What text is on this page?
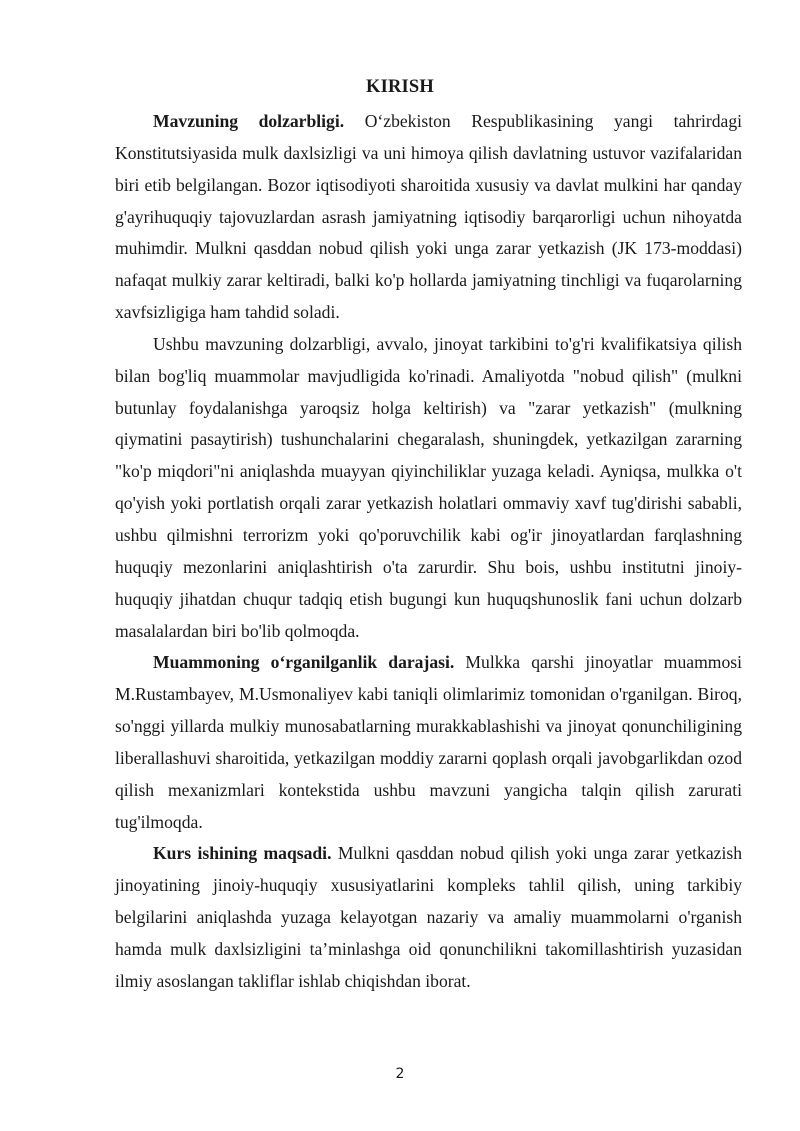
KIRISH

Mavzuning dolzarbligi. O‘zbekiston Respublikasining yangi tahrirdagi Konstitutsiyasida mulk daxlsizligi va uni himoya qilish davlatning ustuvor vazifalaridan biri etib belgilangan. Bozor iqtisodiyoti sharoitida xususiy va davlat mulkini har qanday g'ayrihuquqiy tajovuzlardan asrash jamiyatning iqtisodiy barqarorligi uchun nihoyatda muhimdir. Mulkni qasddan nobud qilish yoki unga zarar yetkazish (JK 173-moddasi) nafaqat mulkiy zarar keltiradi, balki ko'p hollarda jamiyatning tinchligi va fuqarolarning xavfsizligiga ham tahdid soladi.

Ushbu mavzuning dolzarbligi, avvalo, jinoyat tarkibini to'g'ri kvalifikatsiya qilish bilan bog'liq muammolar mavjudligida ko'rinadi. Amaliyotda "nobud qilish" (mulkni butunlay foydalanishga yaroqsiz holga keltirish) va "zarar yetkazish" (mulkning qiymatini pasaytirish) tushunchalarini chegaralash, shuningdek, yetkazilgan zararning "ko'p miqdori"ni aniqlashda muayyan qiyinchiliklar yuzaga keladi. Ayniqsa, mulkka o't qo'yish yoki portlatish orqali zarar yetkazish holatlari ommaviy xavf tug'dirishi sababli, ushbu qilmishni terrorizm yoki qo'poruvchilik kabi og'ir jinoyatlardan farqlashning huquqiy mezonlarini aniqlashtirish o'ta zarurdir. Shu bois, ushbu institutni jinoiy-huquqiy jihatdan chuqur tadqiq etish bugungi kun huquqshunoslik fani uchun dolzarb masalalardan biri bo'lib qolmoqda.

Muammoning o‘rganilganlik darajasi. Mulkka qarshi jinoyatlar muammosi M.Rustambayev, M.Usmonaliyev kabi taniqli olimlarimiz tomonidan o'rganilgan. Biroq, so'nggi yillarda mulkiy munosabatlarning murakkablashishi va jinoyat qonunchiligining liberallashuvi sharoitida, yetkazilgan moddiy zararni qoplash orqali javobgarlikdan ozod qilish mexanizmlari kontekstida ushbu mavzuni yangicha talqin qilish zarurati tug'ilmoqda.

Kurs ishining maqsadi. Mulkni qasddan nobud qilish yoki unga zarar yetkazish jinoyatining jinoiy-huquqiy xususiyatlarini kompleks tahlil qilish, uning tarkibiy belgilarini aniqlashda yuzaga kelayotgan nazariy va amaliy muammolarni o'rganish hamda mulk daxlsizligini ta’minlashga oid qonunchilikni takomillashtirish yuzasidan ilmiy asoslangan takliflar ishlab chiqishdan iborat.

2
